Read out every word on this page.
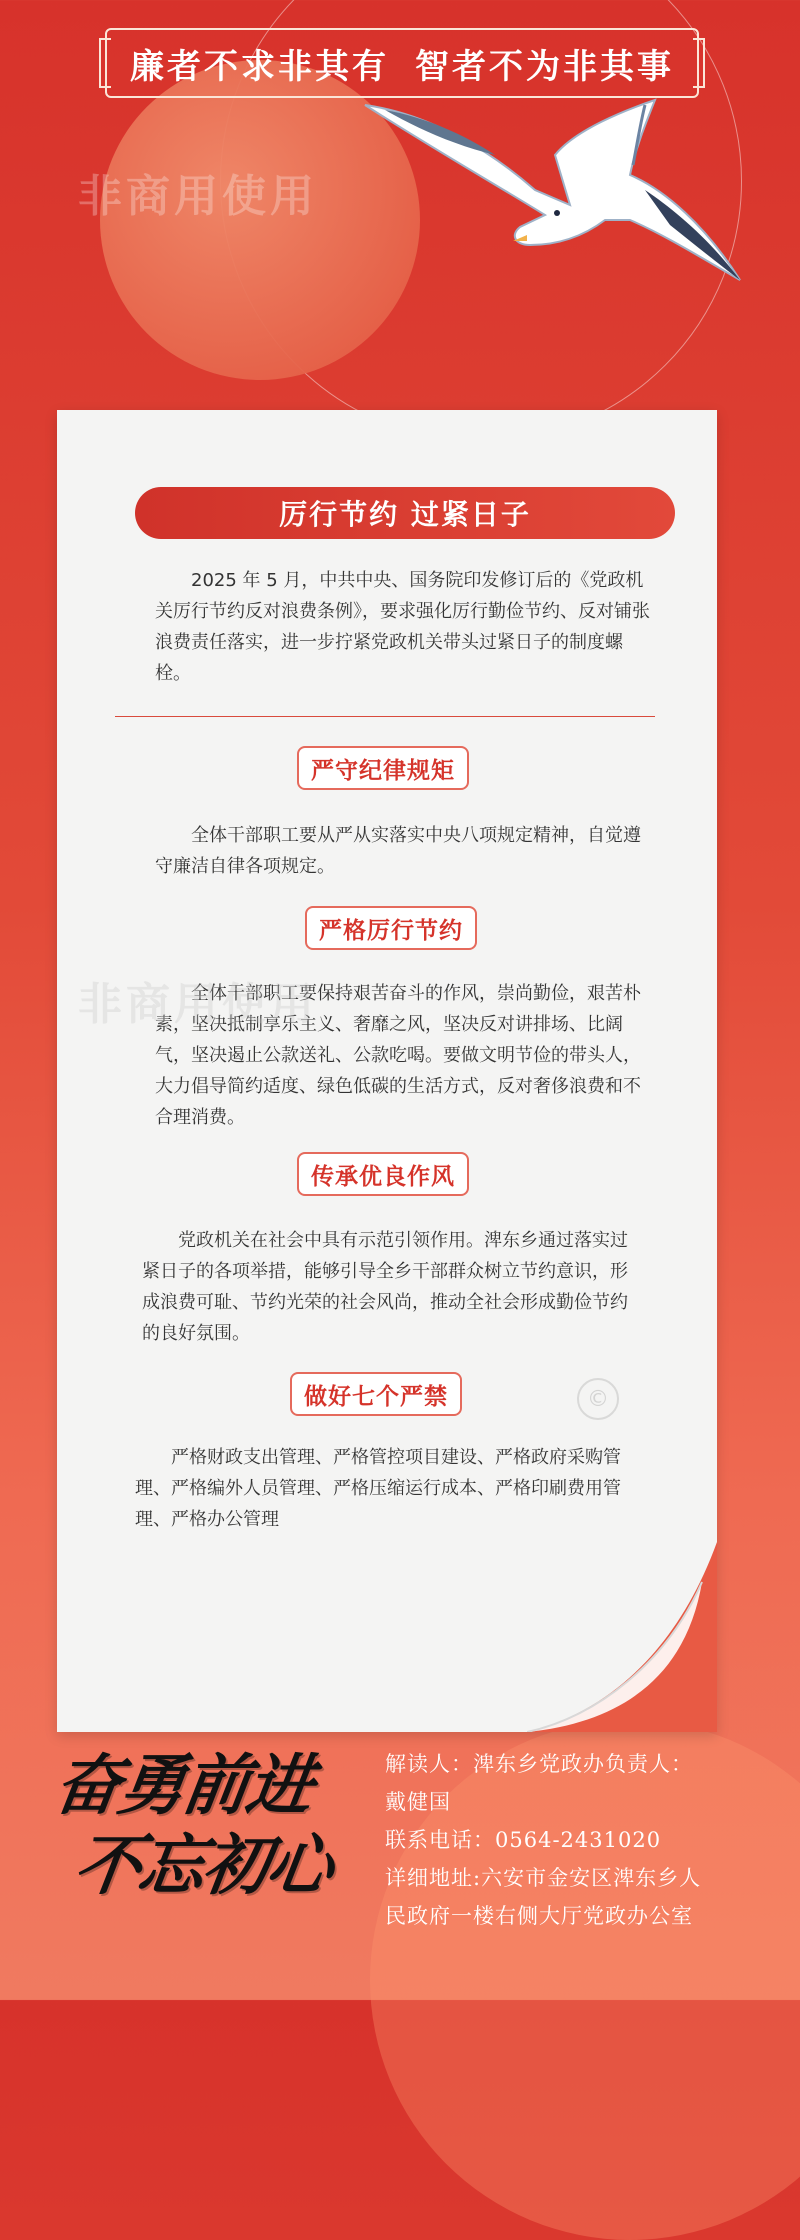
廉者不求非其有 智者不为非其事
非商用使用
厉行节约 过紧日子

2025 年 5 月，中共中央、国务院印发修订后的《党政机关厉行节约反对浪费条例》，要求强化厉行勤俭节约、反对铺张浪费责任落实，进一步拧紧党政机关带头过紧日子的制度螺栓。

严守纪律规矩

全体干部职工要从严从实落实中央八项规定精神，自觉遵守廉洁自律各项规定。

严格厉行节约

全体干部职工要保持艰苦奋斗的作风，崇尚勤俭，艰苦朴素，坚决抵制享乐主义、奢靡之风，坚决反对讲排场、比阔气，坚决遏止公款送礼、公款吃喝。要做文明节俭的带头人，大力倡导简约适度、绿色低碳的生活方式，反对奢侈浪费和不合理消费。

传承优良作风

党政机关在社会中具有示范引领作用。渒东乡通过落实过紧日子的各项举措，能够引导全乡干部群众树立节约意识，形成浪费可耻、节约光荣的社会风尚，推动全社会形成勤俭节约的良好氛围。

做好七个严禁

严格财政支出管理、严格管控项目建设、严格政府采购管理、严格编外人员管理、严格压缩运行成本、严格印刷费用管理、严格办公管理

©
非商用使用
奋勇前进
不忘初心
解读人：渒东乡党政办负责人：
戴健国
联系电话：0564-2431020
详细地址:六安市金安区渒东乡人
民政府一楼右侧大厅党政办公室
